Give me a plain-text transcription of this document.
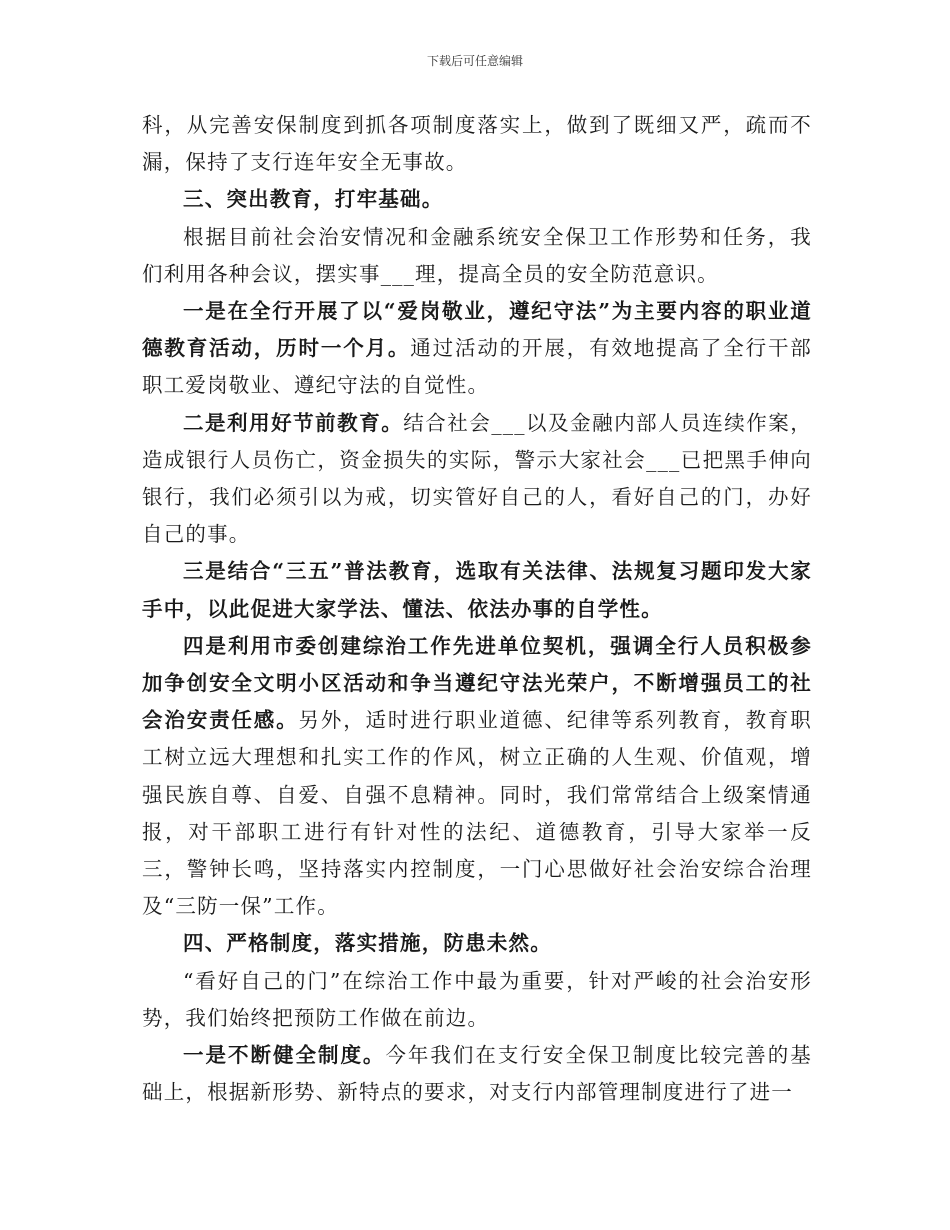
下载后可任意编辑

科，从完善安保制度到抓各项制度落实上，做到了既细又严，疏而不漏，保持了支行连年安全无事故。

三、突出教育，打牢基础。

根据目前社会治安情况和金融系统安全保卫工作形势和任务，我们利用各种会议，摆实事___理，提高全员的安全防范意识。

一是在全行开展了以“爱岗敬业，遵纪守法”为主要内容的职业道德教育活动，历时一个月。通过活动的开展，有效地提高了全行干部职工爱岗敬业、遵纪守法的自觉性。

二是利用好节前教育。结合社会___以及金融内部人员连续作案，造成银行人员伤亡，资金损失的实际，警示大家社会___已把黑手伸向银行，我们必须引以为戒，切实管好自己的人，看好自己的门，办好自己的事。

三是结合“三五”普法教育，选取有关法律、法规复习题印发大家手中，以此促进大家学法、懂法、依法办事的自学性。

四是利用市委创建综治工作先进单位契机，强调全行人员积极参加争创安全文明小区活动和争当遵纪守法光荣户，不断增强员工的社会治安责任感。另外，适时进行职业道德、纪律等系列教育，教育职工树立远大理想和扎实工作的作风，树立正确的人生观、价值观，增强民族自尊、自爱、自强不息精神。同时，我们常常结合上级案情通报，对干部职工进行有针对性的法纪、道德教育，引导大家举一反三，警钟长鸣，坚持落实内控制度，一门心思做好社会治安综合治理及“三防一保”工作。

四、严格制度，落实措施，防患未然。

“看好自己的门”在综治工作中最为重要，针对严峻的社会治安形势，我们始终把预防工作做在前边。

一是不断健全制度。今年我们在支行安全保卫制度比较完善的基础上，根据新形势、新特点的要求，对支行内部管理制度进行了进一
